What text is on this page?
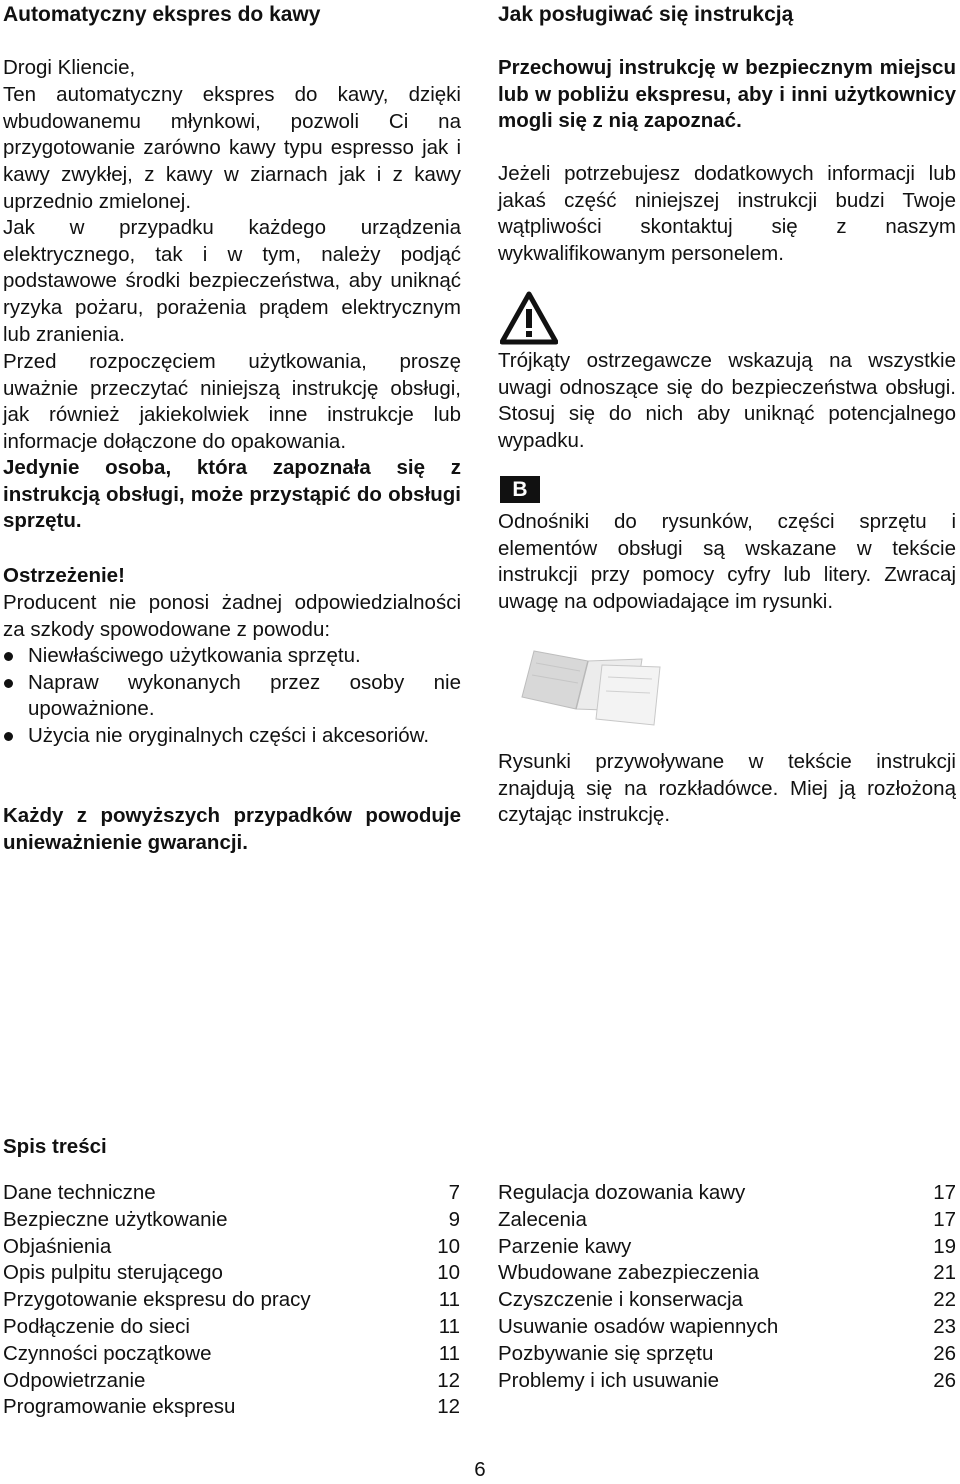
Automatyczny ekspres do kawy

Drogi Kliencie,

Ten automatyczny ekspres do kawy, dzięki wbudowanemu młynkowi, pozwoli Ci na przygotowanie zarówno kawy typu espresso jak i kawy zwykłej, z kawy w ziarnach jak i z kawy uprzednio zmielonej.

Jak w przypadku każdego urządzenia elektrycznego, tak i w tym, należy podjąć podstawowe środki bezpieczeństwa, aby uniknąć ryzyka pożaru, porażenia prądem elektrycznym lub zranienia.

Przed rozpoczęciem użytkowania, proszę uważnie przeczytać niniejszą instrukcję obsługi, jak również jakiekolwiek inne instrukcje lub informacje dołączone do opakowania.

Jedynie osoba, która zapoznała się z instrukcją obsługi, może przystąpić do obsługi sprzętu.

Ostrzeżenie!

Producent nie ponosi żadnej odpowiedzialności za szkody spowodowane z powodu:

Niewłaściwego użytkowania sprzętu.
Napraw wykonanych przez osoby nie upoważnione.
Użycia nie oryginalnych części i akcesoriów.

Każdy z powyższych przypadków powoduje unieważnienie gwarancji.

Jak posługiwać się instrukcją

Przechowuj instrukcję w bezpiecznym miejscu lub w pobliżu ekspresu, aby i inni użytkownicy mogli się z nią zapoznać.

Jeżeli potrzebujesz dodatkowych informacji lub jakaś część niniejszej instrukcji budzi Twoje wątpliwości skontaktuj się z naszym wykwalifikowanym personelem.

Trójkąty ostrzegawcze wskazują na wszystkie uwagi odnoszące się do bezpieczeństwa obsługi. Stosuj się do nich aby uniknąć potencjalnego wypadku.

B

Odnośniki do rysunków, części sprzętu i elementów obsługi są wskazane w tekście instrukcji przy pomocy cyfry lub litery. Zwracaj uwagę na odpowiadające im rysunki.

Rysunki przywoływane w tekście instrukcji znajdują się na rozkładówce. Miej ją rozłożoną czytając instrukcję.

Spis treści

Dane techniczne	7
Bezpieczne użytkowanie	9
Objaśnienia	10
Opis pulpitu sterującego	10
Przygotowanie ekspresu do pracy	11
Podłączenie do sieci	11
Czynności początkowe	11
Odpowietrzanie	12
Programowanie ekspresu	12
Regulacja dozowania kawy	17
Zalecenia	17
Parzenie kawy	19
Wbudowane zabezpieczenia	21
Czyszczenie i konserwacja	22
Usuwanie osadów wapiennych	23
Pozbywanie się sprzętu	26
Problemy i ich usuwanie	26
6
